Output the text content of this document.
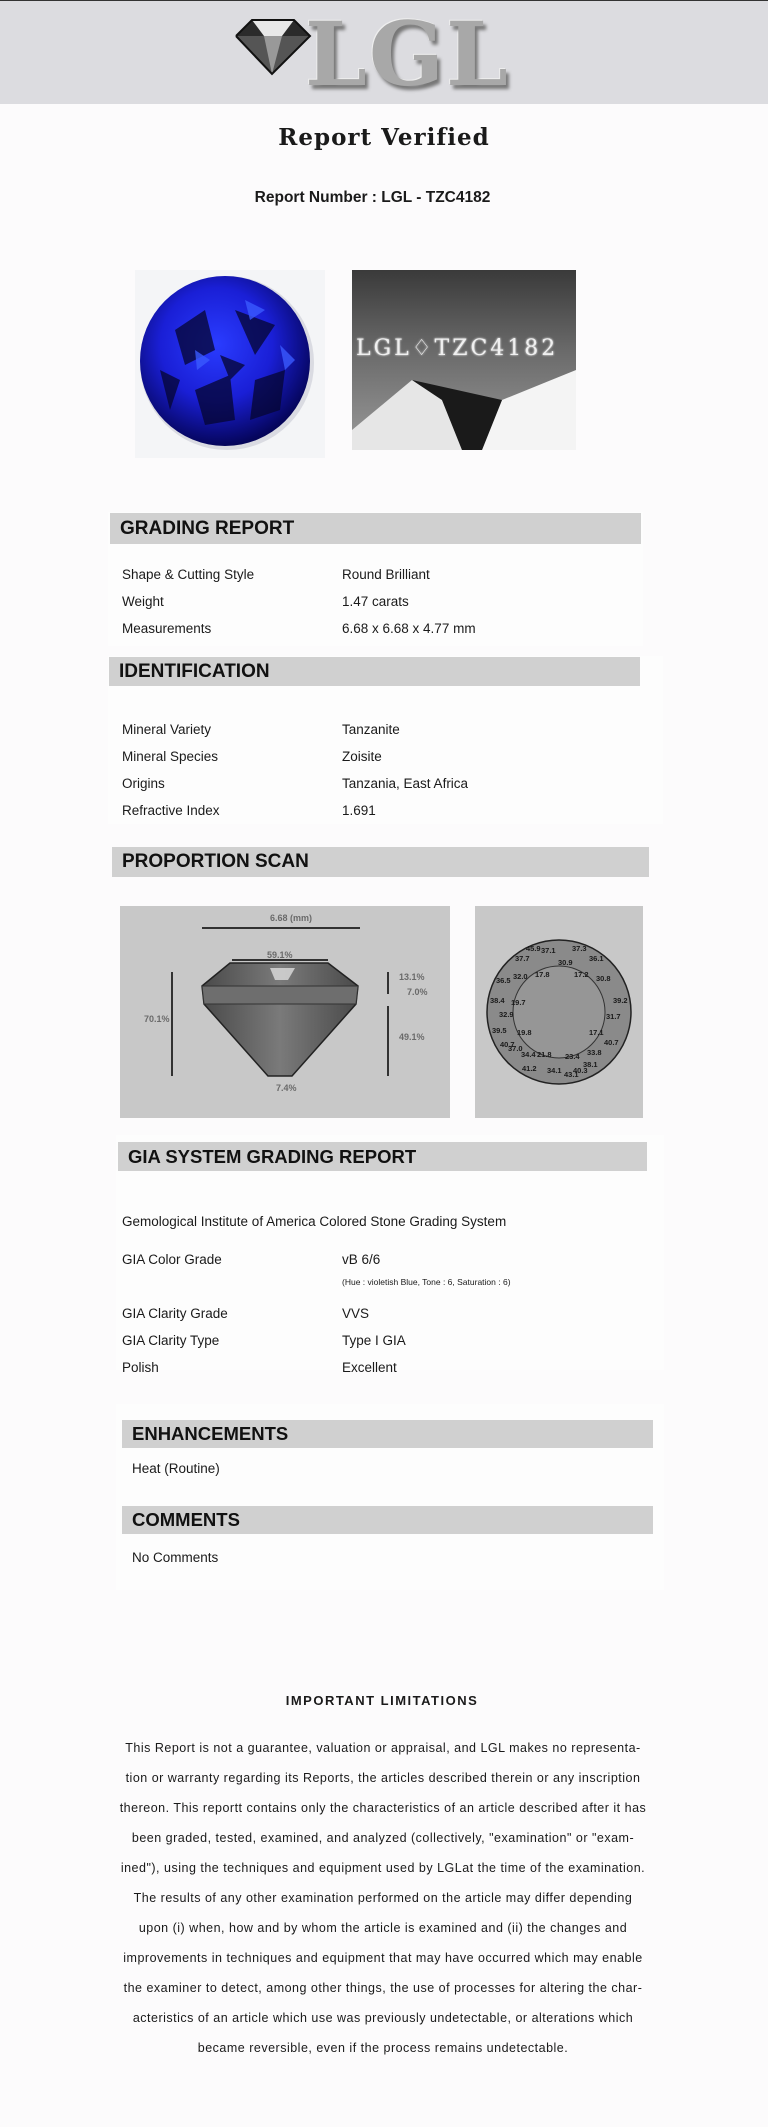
LGL
Report Verified
Report Number : LGL - TZC4182
LGL♢TZC4182
GRADING REPORT
Shape & Cutting Style	Round Brilliant
Weight	1.47 carats
Measurements	6.68 x 6.68 x 4.77 mm
IDENTIFICATION
Mineral Variety	Tanzanite
Mineral Species	Zoisite
Origins	Tanzania, East Africa
Refractive Index	1.691
PROPORTION SCAN
6.68 (mm)
59.1%
70.1%
13.1%
7.0%
49.1%
7.4%
45.9 37.1 37.3
37.7	30.9 36.1
36.5 32.0 17.8	17.2 30.8
38.4 19.7	39.2
32.9	31.7
39.5 19.8	17.1
40.7
40.7
37.0
34.4 21.8 23.4 33.8
41.2 34.1 40.3
38.1
43.1
GIA SYSTEM GRADING REPORT
Gemological Institute of America Colored Stone Grading System
GIA Color Grade	vB 6/6
(Hue : violetish Blue, Tone : 6, Saturation : 6)
GIA Clarity Grade	VVS
GIA Clarity Type	Type I GIA
Polish	Excellent
ENHANCEMENTS
Heat (Routine)
COMMENTS
No Comments
IMPORTANT LIMITATIONS
This Report is not a guarantee, valuation or appraisal, and LGL makes no representa-
tion or warranty regarding its Reports, the articles described therein or any inscription
thereon. This reportt contains only the characteristics of an article described after it has
been graded, tested, examined, and analyzed (collectively, "examination" or "exam-
ined"), using the techniques and equipment used by LGLat the time of the examination.
The results of any other examination performed on the article may differ depending
upon (i) when, how and by whom the article is examined and (ii) the changes and
improvements in techniques and equipment that may have occurred which may enable
the examiner to detect, among other things, the use of processes for altering the char-
acteristics of an article which use was previously undetectable, or alterations which
became reversible, even if the process remains undetectable.
